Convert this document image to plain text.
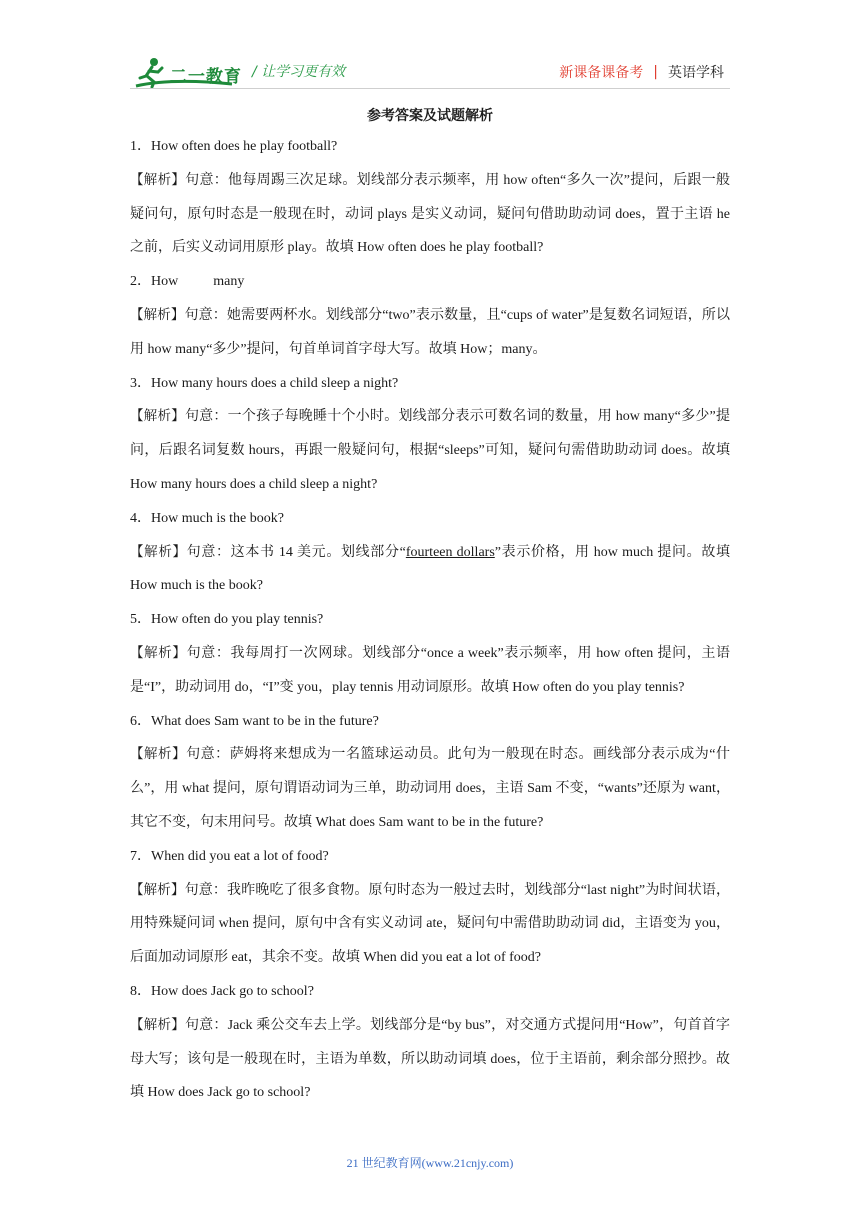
二一教育 / 让学习更有效	新课备课备考 | 英语学科
参考答案及试题解析

1．How often does he play football?

【解析】句意：他每周踢三次足球。划线部分表示频率，用 how often“多久一次”提问，后跟一般疑问句，原句时态是一般现在时，动词 plays 是实义动词，疑问句借助助动词 does，置于主语 he 之前，后实义动词用原形 play。故填 How often does he play football?

2．How          many

【解析】句意：她需要两杯水。划线部分“two”表示数量，且“cups of water”是复数名词短语，所以用 how many“多少”提问，句首单词首字母大写。故填 How；many。

3．How many hours does a child sleep a night?

【解析】句意：一个孩子每晚睡十个小时。划线部分表示可数名词的数量，用 how many“多少”提问，后跟名词复数 hours，再跟一般疑问句，根据“sleeps”可知，疑问句需借助助动词 does。故填 How many hours does a child sleep a night?

4．How much is the book?

【解析】句意：这本书 14 美元。划线部分“fourteen dollars”表示价格，用 how much 提问。故填 How much is the book?

5．How often do you play tennis?

【解析】句意：我每周打一次网球。划线部分“once a week”表示频率，用 how often 提问，主语是“I”，助动词用 do，“I”变 you，play tennis 用动词原形。故填 How often do you play tennis?

6．What does Sam want to be in the future?

【解析】句意：萨姆将来想成为一名篮球运动员。此句为一般现在时态。画线部分表示成为“什么”，用 what 提问，原句谓语动词为三单，助动词用 does，主语 Sam 不变，“wants”还原为 want，其它不变，句末用问号。故填 What does Sam want to be in the future?

7．When did you eat a lot of food?

【解析】句意：我昨晚吃了很多食物。原句时态为一般过去时，划线部分“last night”为时间状语，用特殊疑问词 when 提问，原句中含有实义动词 ate，疑问句中需借助助动词 did，主语变为 you，后面加动词原形 eat，其余不变。故填 When did you eat a lot of food?

8．How does Jack go to school?

【解析】句意：Jack 乘公交车去上学。划线部分是“by bus”，对交通方式提问用“How”，句首首字母大写；该句是一般现在时，主语为单数，所以助动词填 does，位于主语前，剩余部分照抄。故填 How does Jack go to school?

21 世纪教育网(www.21cnjy.com)
